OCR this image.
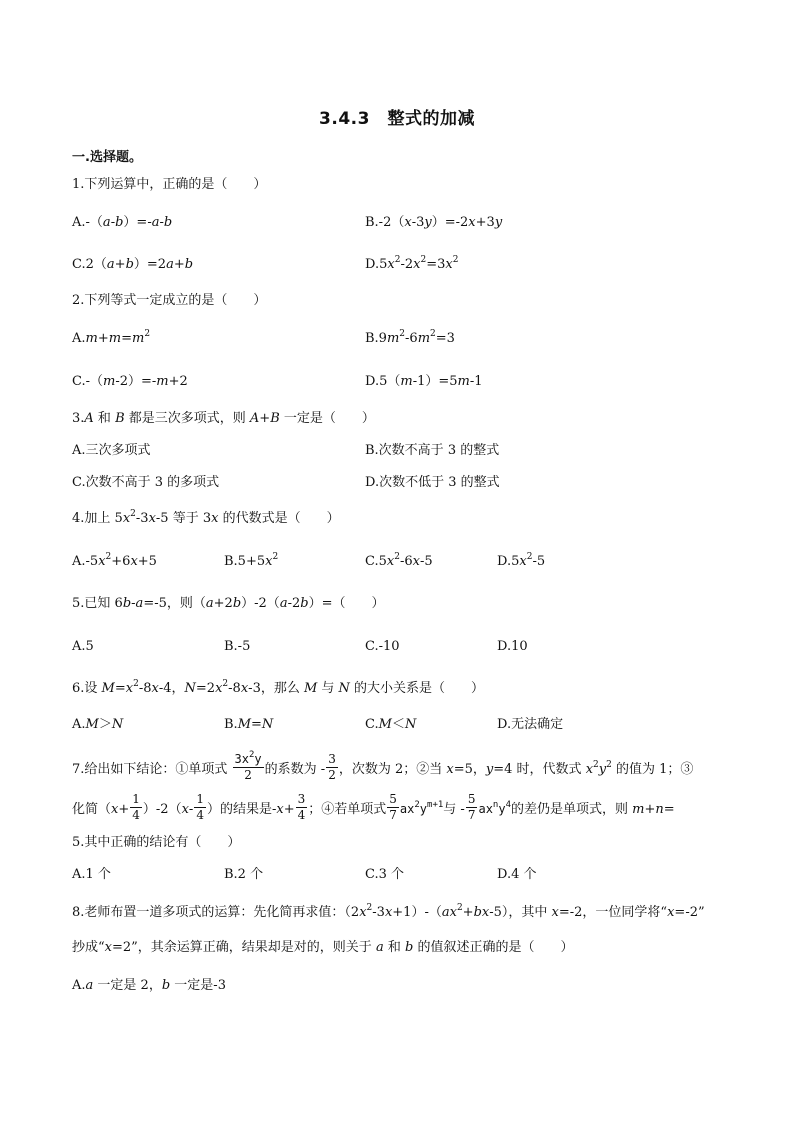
3.4.3　整式的加减
一.选择题。
1.下列运算中，正确的是（　　）
A.-（a-b）=-a-b	B.-2（x-3y）=-2x+3y
C.2（a+b）=2a+b	$D.5x^2-2x^2=3x^2$
2.下列等式一定成立的是（　　）
$A.m+m=m^2$	$B.9m^2-6m^2=3$
C.-（m-2）=-m+2	D.5（m-1）=5m-1
3.A 和 B 都是三次多项式，则 A+B 一定是（　　）
A.三次多项式	B.次数不高于 3 的整式
C.次数不高于 3 的多项式	D.次数不低于 3 的整式
4.加上 $5x^2-3x-5$ 等于 3x 的代数式是（　　）
$A.-5x^2+6x+5$	$B.5+5x^2$	$C.5x^2-6x-5$	$D.5x^2-5$
5.已知 6b-a=-5，则（a+2b）-2（a-2b）=（　　）
A.5	B.-5	C.-10	D.10
6.设 $M=x^2-8x-4$，$N=2x^2-8x-3$，那么 M 与 N 的大小关系是（　　）
A.M＞N	B.M=N	C.M＜N	D.无法确定
7.给出如下结论：①单项式 $\frac{3x^2y}{2}$ 的系数为 - $\frac{3}{2}$ ，次数为 2；②当 x=5，y=4 时，代数式 $x^2y^2$ 的值为 1；③
化简$(x+ \frac{1}{4} )-2(x- \frac{1}{4}$ ）的结果是$-x+ \frac{3}{4}$ ；④若单项式 $\frac{5}{7} ax^2y^{m+1}$与 - $\frac{5}{7} ax^ny^4$的差仍是单项式，则 m+n=
5.其中正确的结论有（　　）
A.1 个	B.2 个	C.3 个	D.4 个
8.老师布置一道多项式的运算：先化简再求值：$(2x^2-3x+1)-(ax^2+bx-5)$，其中 x=-2，一位同学将“x=-2”
抄成“x=2”，其余运算正确，结果却是对的，则关于 a 和 b 的值叙述正确的是（　　）
A.a 一定是 2，b 一定是-3
